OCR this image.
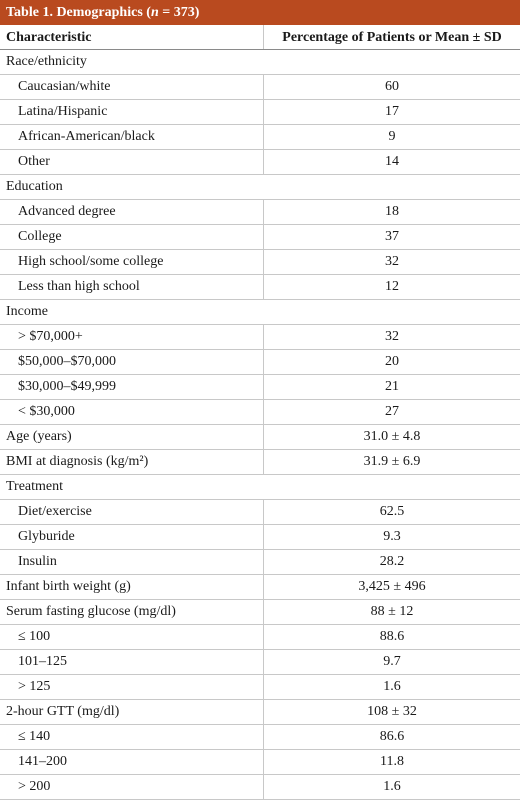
Table 1. Demographics (n = 373)
Characteristic	Percentage of Patients or Mean ± SD
Race/ethnicity
Caucasian/white	60
Latina/Hispanic	17
African-American/black	9
Other	14
Education
Advanced degree	18
College	37
High school/some college	32
Less than high school	12
Income
> $70,000+	32
$50,000–$70,000	20
$30,000–$49,999	21
< $30,000	27
Age (years)	31.0 ± 4.8
BMI at diagnosis (kg/m²)	31.9 ± 6.9
Treatment
Diet/exercise	62.5
Glyburide	9.3
Insulin	28.2
Infant birth weight (g)	3,425 ± 496
Serum fasting glucose (mg/dl)	88 ± 12
≤ 100	88.6
101–125	9.7
> 125	1.6
2-hour GTT (mg/dl)	108 ± 32
≤ 140	86.6
141–200	11.8
> 200	1.6
